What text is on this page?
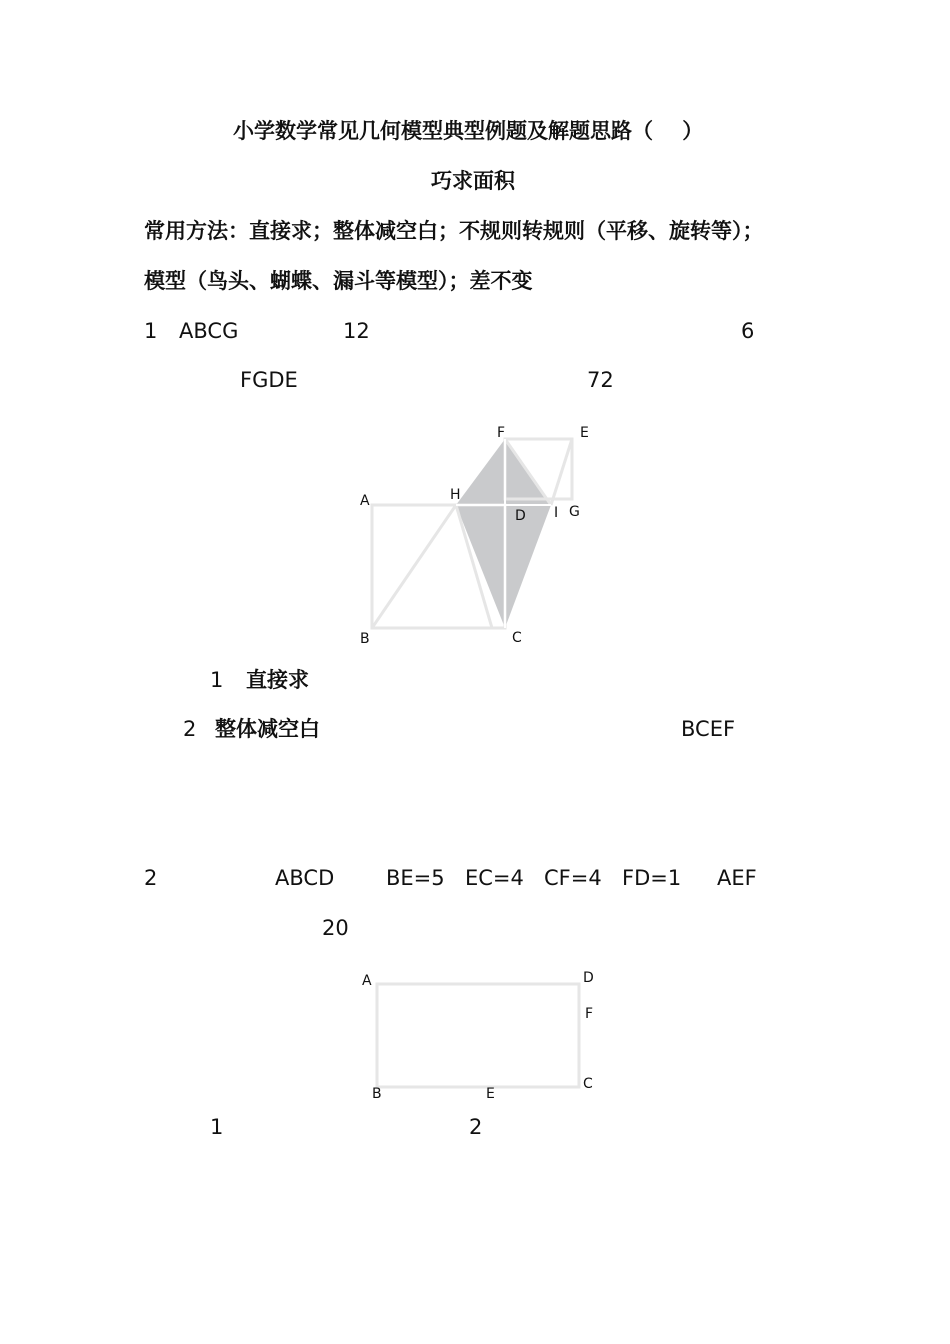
小学数学常见几何模型典型例题及解题思路（    ）
巧求面积
常用方法：直接求；整体减空白；不规则转规则（平移、旋转等）；
模型（鸟头、蝴蝶、漏斗等模型）；差不变
1 ABCG	12	6
FGDE	72
F	E
A	H
D I G
B	C
1 直接求
2 整体减空白	BCEF
2	ABCD BE=5 EC=4 CF=4 FD=1 AEF
20
A	D
F
C
B	E
1	2
